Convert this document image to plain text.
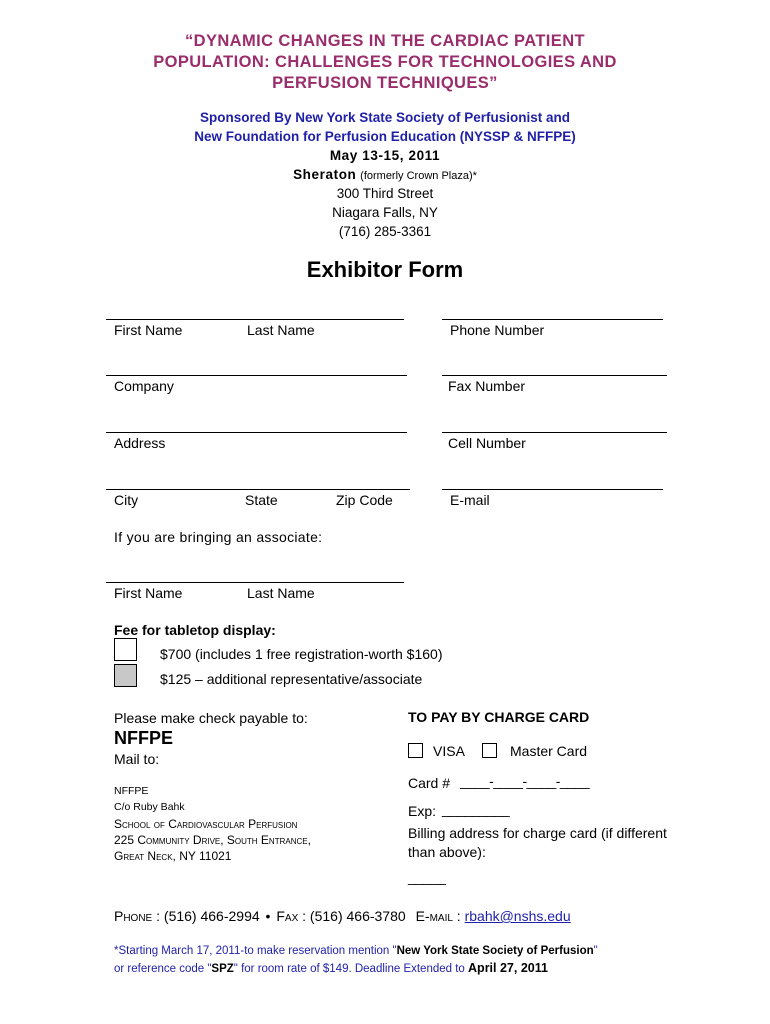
“DYNAMIC CHANGES IN THE CARDIAC PATIENT
POPULATION: CHALLENGES FOR TECHNOLOGIES AND
PERFUSION TECHNIQUES”
Sponsored By New York State Society of Perfusionist and
New Foundation for Perfusion Education (NYSSP & NFFPE)
May 13-15, 2011
Sheraton (formerly Crown Plaza)*
300 Third Street
Niagara Falls, NY
(716) 285-3361
Exhibitor Form
First Name	Last Name	Phone Number
Company	Fax Number
Address	Cell Number
City	State	Zip Code	E-mail
If you are bringing an associate:
First Name	Last Name
Fee for tabletop display:
$700 (includes 1 free registration-worth $160)
$125 – additional representative/associate
Please make check payable to:
NFFPE
Mail to:
NFFPE
C/o Ruby Bahk
School of Cardiovascular Perfusion
225 Community Drive, South Entrance,
Great Neck, NY 11021
TO PAY BY CHARGE CARD
VISA	Master Card
Card # ____-____-____-____
Exp: _________
Billing address for charge card (if different
than above):
_____
Phone : (516) 466-2994 • Fax : (516) 466-3780 E-mail : rbahk@nshs.edu
*Starting March 17, 2011-to make reservation mention "New York State Society of Perfusion"
or reference code "SPZ" for room rate of $149. Deadline Extended to April 27, 2011
